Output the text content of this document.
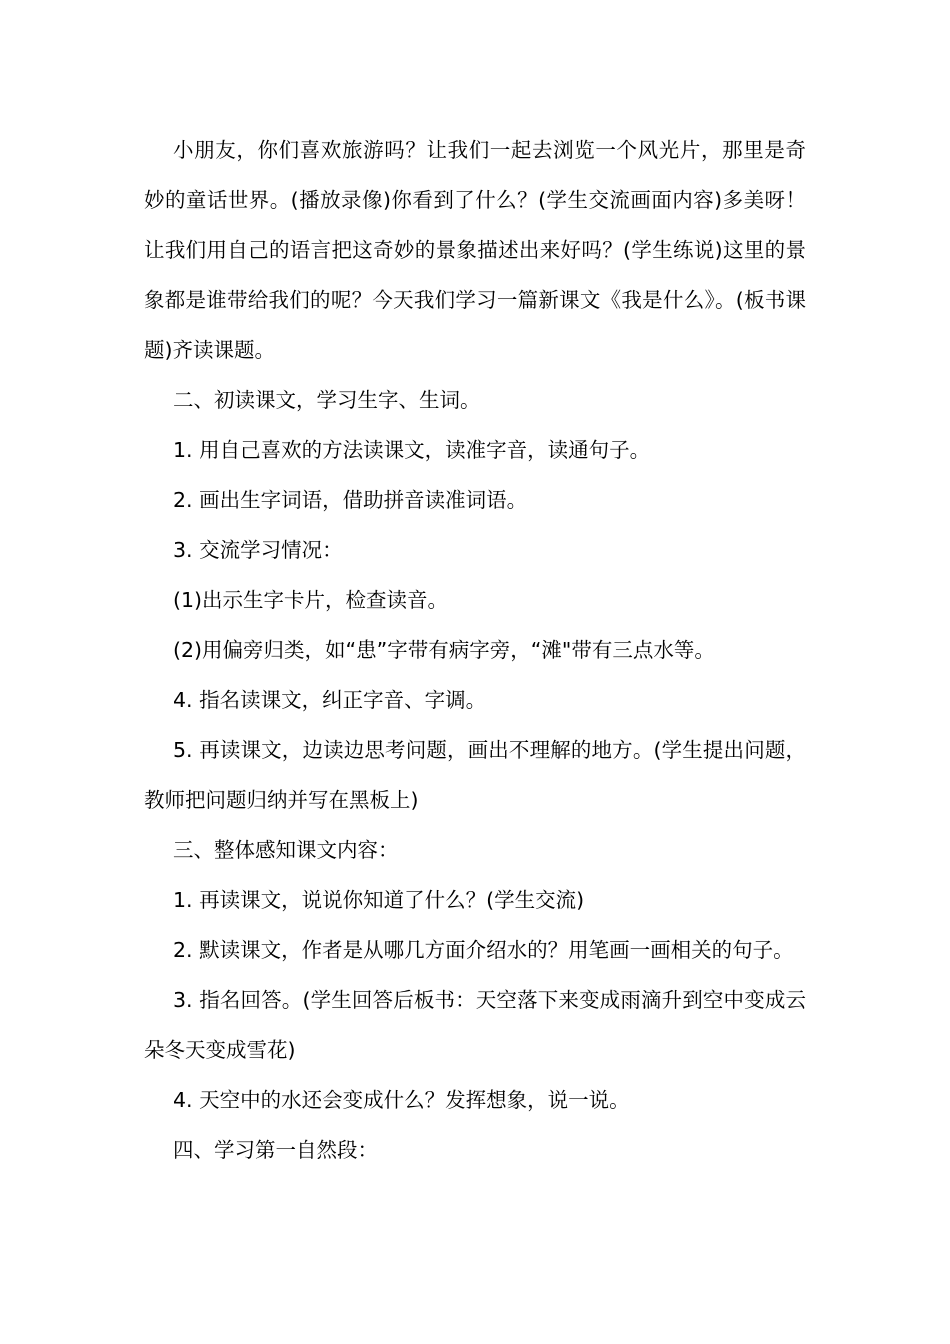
小朋友，你们喜欢旅游吗？让我们一起去浏览一个风光片，那里是奇妙的童话世界。(播放录像)你看到了什么？(学生交流画面内容)多美呀！让我们用自己的语言把这奇妙的景象描述出来好吗？(学生练说)这里的景象都是谁带给我们的呢？今天我们学习一篇新课文《我是什么》。(板书课题)齐读课题。

二、初读课文，学习生字、生词。

1. 用自己喜欢的方法读课文，读准字音，读通句子。

2. 画出生字词语，借助拼音读准词语。

3. 交流学习情况：

(1)出示生字卡片，检查读音。

(2)用偏旁归类，如“患”字带有病字旁，“滩"带有三点水等。

4. 指名读课文，纠正字音、字调。

5. 再读课文，边读边思考问题，画出不理解的地方。(学生提出问题，教师把问题归纳并写在黑板上)

三、整体感知课文内容：

1. 再读课文，说说你知道了什么？(学生交流)

2. 默读课文，作者是从哪几方面介绍水的？用笔画一画相关的句子。

3. 指名回答。(学生回答后板书：天空落下来变成雨滴升到空中变成云朵冬天变成雪花)

4. 天空中的水还会变成什么？发挥想象，说一说。

四、学习第一自然段：
